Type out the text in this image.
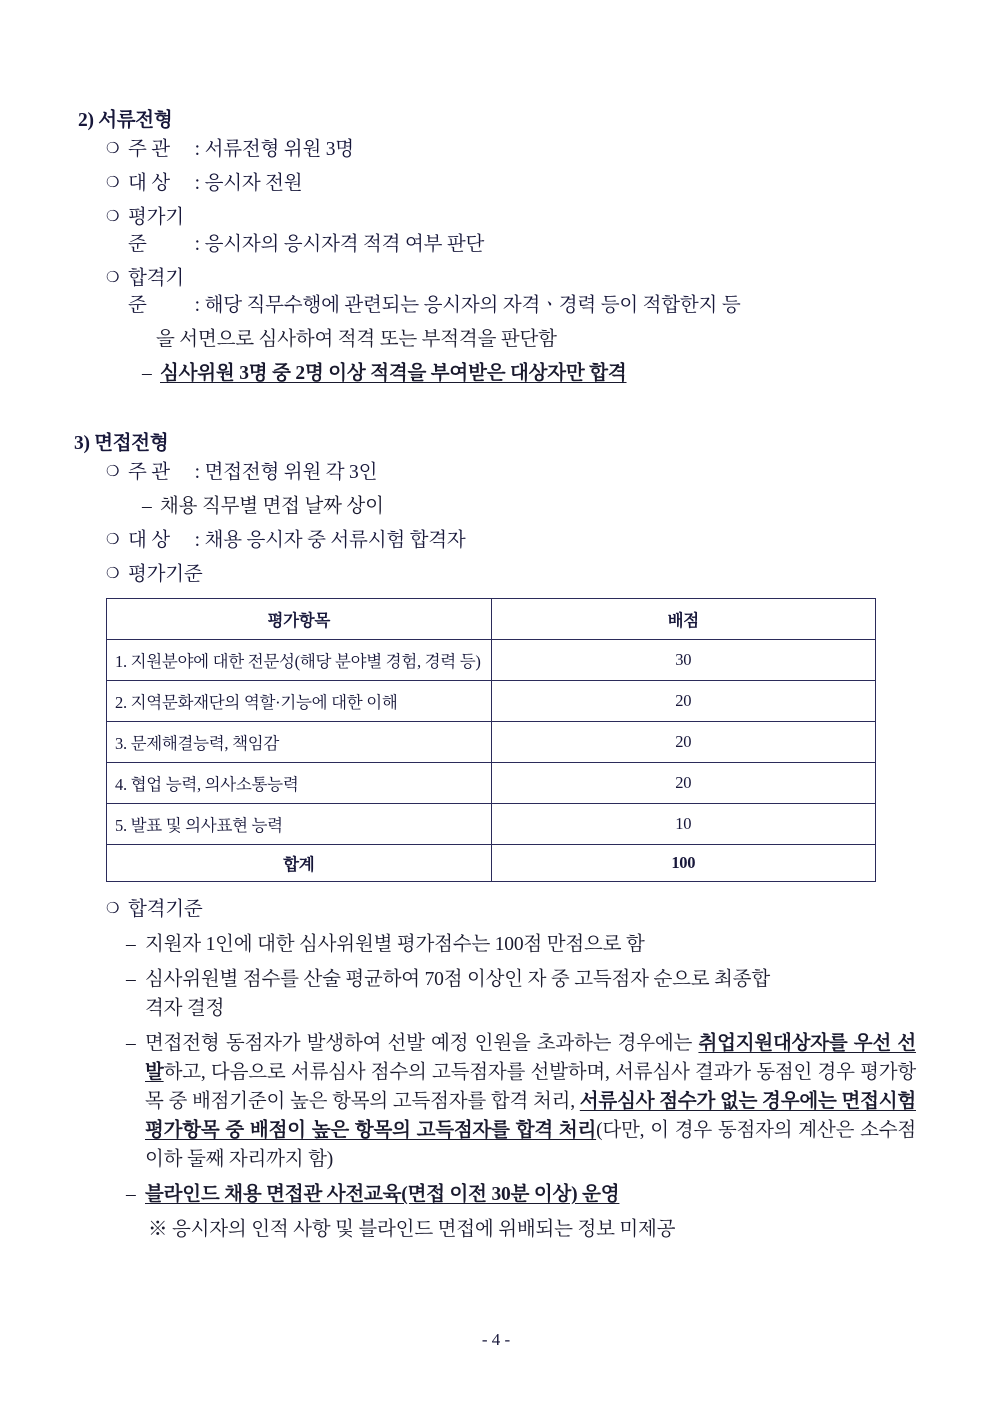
2) 서류전형
❍ 주 관 : 서류전형 위원 3명
❍ 대 상 : 응시자 전원
❍ 평가기준 : 응시자의 응시자격 적격 여부 판단
❍ 합격기준 : 해당 직무수행에 관련되는 응시자의 자격ㆍ경력 등이 적합한지 등
을 서면으로 심사하여 적격 또는 부적격을 판단함
– 심사위원 3명 중 2명 이상 적격을 부여받은 대상자만 합격
3) 면접전형
❍ 주 관 : 면접전형 위원 각 3인
– 채용 직무별 면접 날짜 상이
❍ 대 상 : 채용 응시자 중 서류시험 합격자
❍ 평가기준
평가항목	배점
1. 지원분야에 대한 전문성(해당 분야별 경험, 경력 등)	30
2. 지역문화재단의 역할·기능에 대한 이해	20
3. 문제해결능력, 책임감	20
4. 협업 능력, 의사소통능력	20
5. 발표 및 의사표현 능력	10
합계	100
❍ 합격기준
– 지원자 1인에 대한 심사위원별 평가점수는 100점 만점으로 함
– 심사위원별 점수를 산술 평균하여 70점 이상인 자 중 고득점자 순으로 최종합
격자 결정
– 면접전형 동점자가 발생하여 선발 예정 인원을 초과하는 경우에는 취업지원대상자를 우선 선발하고, 다음으로 서류심사 점수의 고득점자를 선발하며, 서류심사 결과가 동점인 경우 평가항목 중 배점기준이 높은 항목의 고득점자를 합격 처리, 서류심사 점수가 없는 경우에는 면접시험 평가항목 중 배점이 높은 항목의 고득점자를 합격 처리(다만, 이 경우 동점자의 계산은 소수점 이하 둘째 자리까지 함)
– 블라인드 채용 면접관 사전교육(면접 이전 30분 이상) 운영
※ 응시자의 인적 사항 및 블라인드 면접에 위배되는 정보 미제공
- 4 -
